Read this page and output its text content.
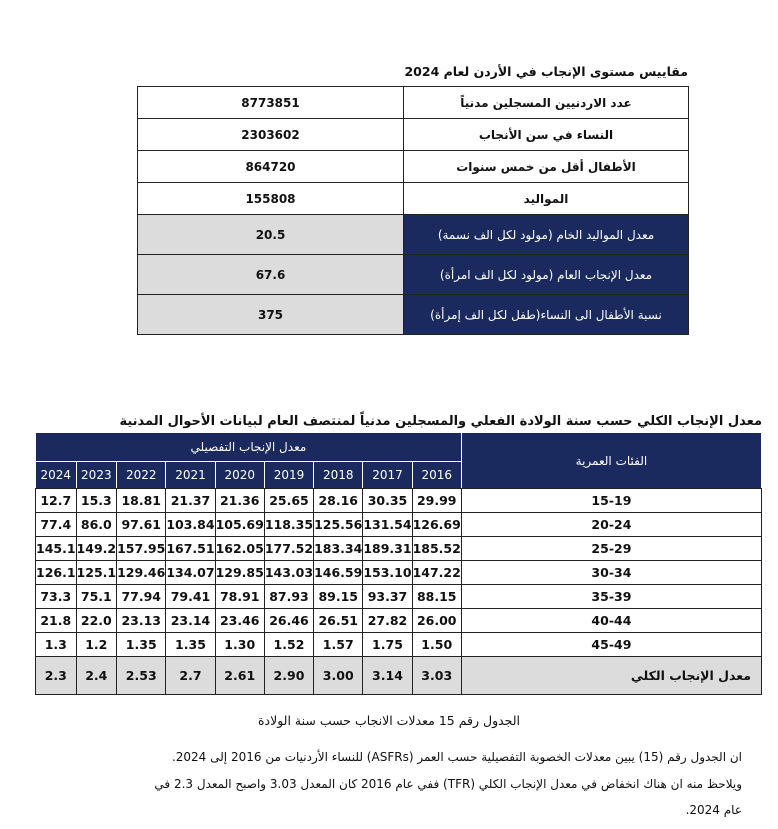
مقاييس مستوى الإنجاب في الأردن لعام 2024
عدد الاردنيين المسجلين مدنياً	8773851
النساء في سن الأنجاب	2303602
الأطفال أقل من خمس سنوات	864720
المواليد	155808
معدل المواليد الخام (مولود لكل الف نسمة)	20.5
معدل الإنجاب العام (مولود لكل الف امرأة)	67.6
نسبة الأطفال الى النساء(طفل لكل الف إمرأة)	375
معدل الإنجاب الكلي حسب سنة الولادة الفعلي والمسجلين مدنياً لمنتصف العام لبيانات الأحوال المدنية
الفئات العمرية	معدل الإنجاب التفصيلي								
	2016	2017	2018	2019	2020	2021	2022	2023	2024
15-19	29.99	30.35	28.16	25.65	21.36	21.37	18.81	15.3	12.7
20-24	126.69	131.54	125.56	118.35	105.69	103.84	97.61	86.0	77.4
25-29	185.52	189.31	183.34	177.52	162.05	167.51	157.95	149.2	145.1
30-34	147.22	153.10	146.59	143.03	129.85	134.07	129.46	125.1	126.1
35-39	88.15	93.37	89.15	87.93	78.91	79.41	77.94	75.1	73.3
40-44	26.00	27.82	26.51	26.46	23.46	23.14	23.13	22.0	21.8
45-49	1.50	1.75	1.57	1.52	1.30	1.35	1.35	1.2	1.3
معدل الإنجاب الكلي	3.03	3.14	3.00	2.90	2.61	2.7	2.53	2.4	2.3
الجدول رقم 15 معدلات الانجاب حسب سنة الولادة
ان الجدول رقم (15) يبين معدلات الخصوبة التفصيلية حسب العمر (ASFRs) للنساء الأردنيات من 2016 إلى 2024.
ويلاحظ منه ان هناك انخفاض في معدل الإنجاب الكلي (TFR) ففي عام 2016 كان المعدل 3.03 واصبح المعدل 2.3 في
عام 2024.
